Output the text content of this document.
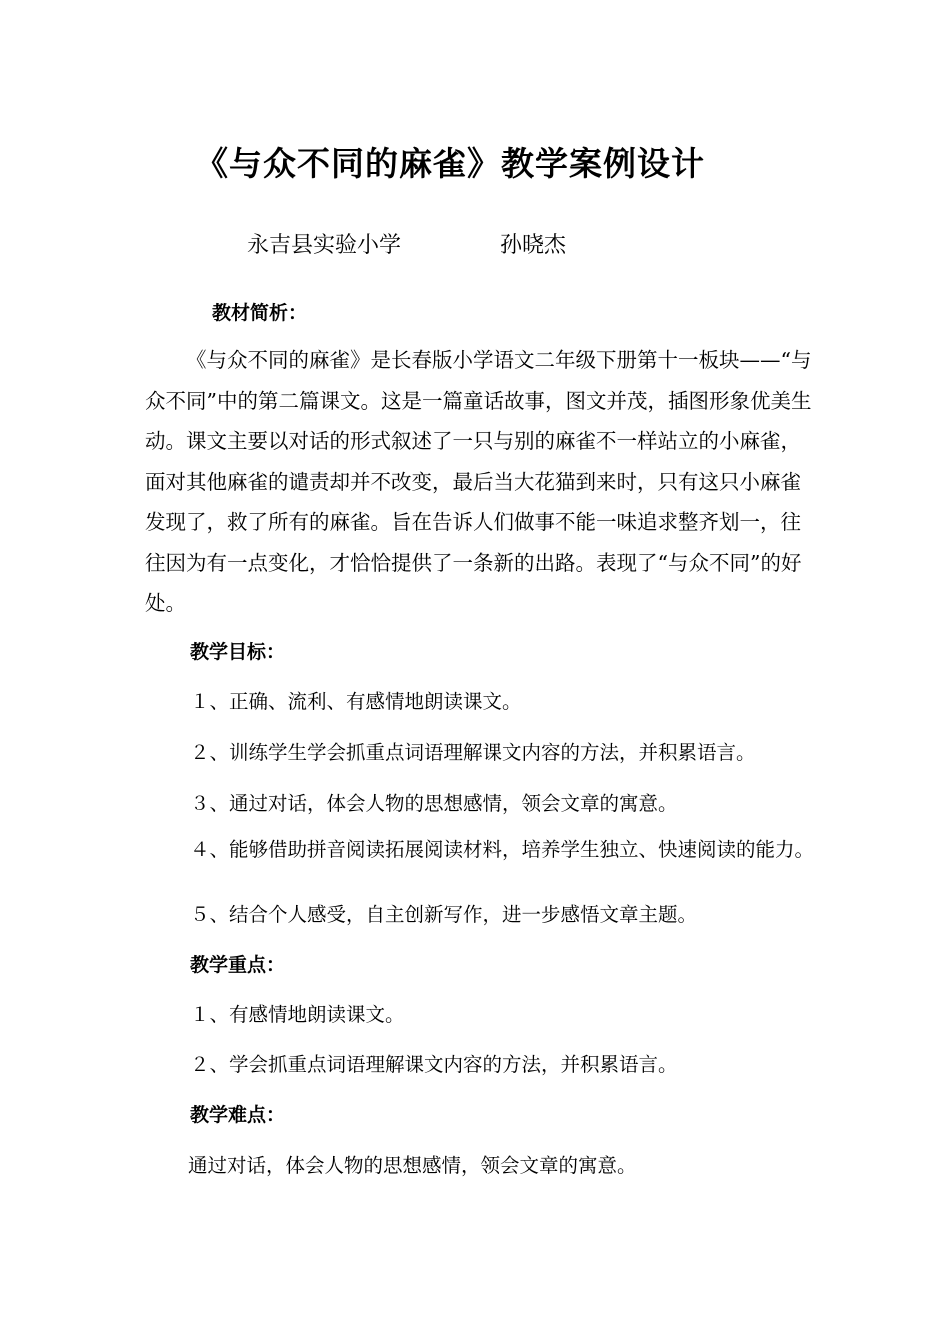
《与众不同的麻雀》教学案例设计
永吉县实验小学	孙晓杰
教材简析：
《与众不同的麻雀》是长春版小学语文二年级下册第十一板块——“与众不同”中的第二篇课文。这是一篇童话故事，图文并茂，插图形象优美生动。课文主要以对话的形式叙述了一只与别的麻雀不一样站立的小麻雀，面对其他麻雀的谴责却并不改变，最后当大花猫到来时，只有这只小麻雀发现了，救了所有的麻雀。旨在告诉人们做事不能一味追求整齐划一，往往因为有一点变化，才恰恰提供了一条新的出路。表现了“与众不同”的好处。
教学目标：
１、正确、流利、有感情地朗读课文。
２、训练学生学会抓重点词语理解课文内容的方法，并积累语言。
３、通过对话，体会人物的思想感情，领会文章的寓意。
４、能够借助拼音阅读拓展阅读材料，培养学生独立、快速阅读的能力。
５、结合个人感受，自主创新写作，进一步感悟文章主题。
教学重点：
１、有感情地朗读课文。
２、学会抓重点词语理解课文内容的方法，并积累语言。
教学难点：
通过对话，体会人物的思想感情，领会文章的寓意。
